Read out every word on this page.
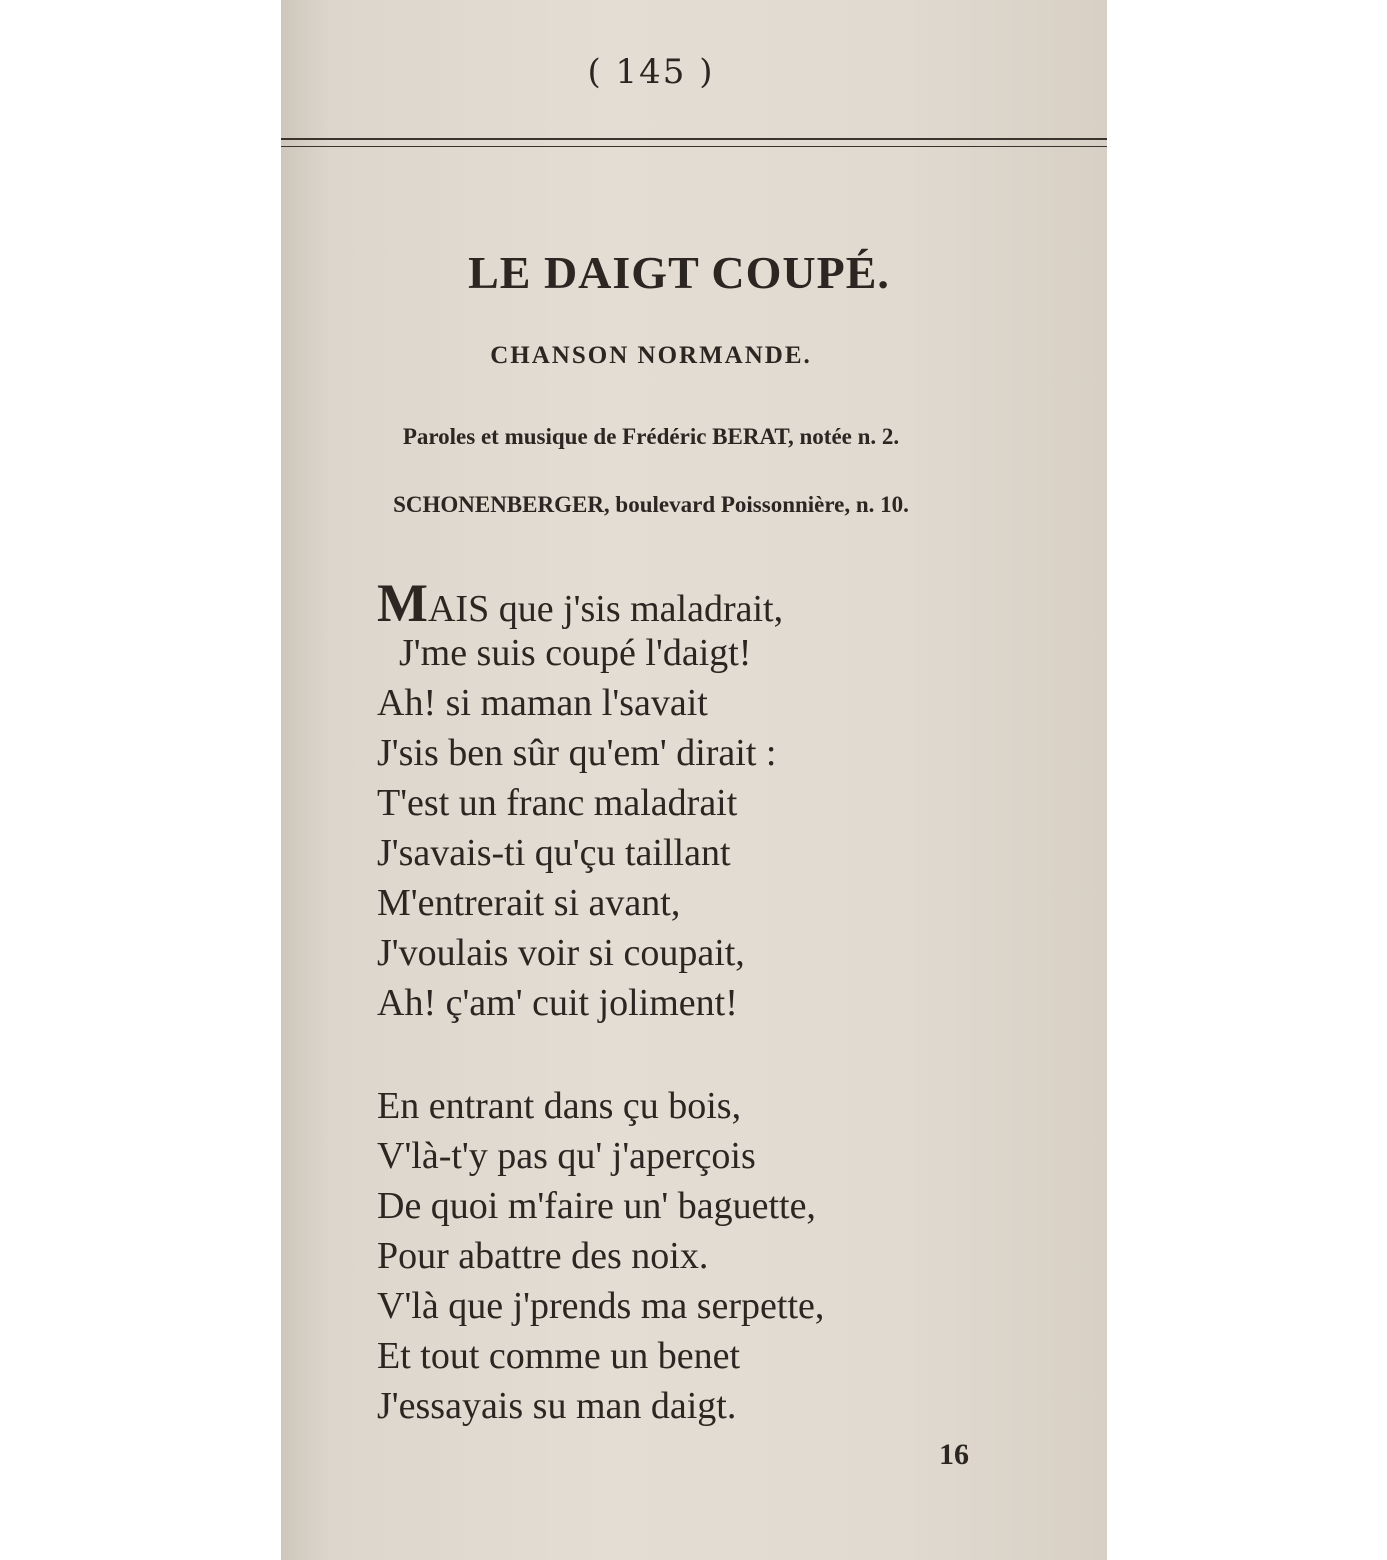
( 145 )
LE DAIGT COUPÉ.
CHANSON NORMANDE.
Paroles et musique de Frédéric BERAT, notée n. 2.
SCHONENBERGER, boulevard Poissonnière, n. 10.
MAIS que j'sis maladrait,
J'me suis coupé l'daigt!
Ah! si maman l'savait
J'sis ben sûr qu'em' dirait :
T'est un franc maladrait
J'savais-ti qu'çu taillant
M'entrerait si avant,
J'voulais voir si coupait,
Ah! ç'am' cuit joliment!
En entrant dans çu bois,
V'là-t'y pas qu' j'aperçois
De quoi m'faire un' baguette,
Pour abattre des noix.
V'là que j'prends ma serpette,
Et tout comme un benet
J'essayais su man daigt.
16
